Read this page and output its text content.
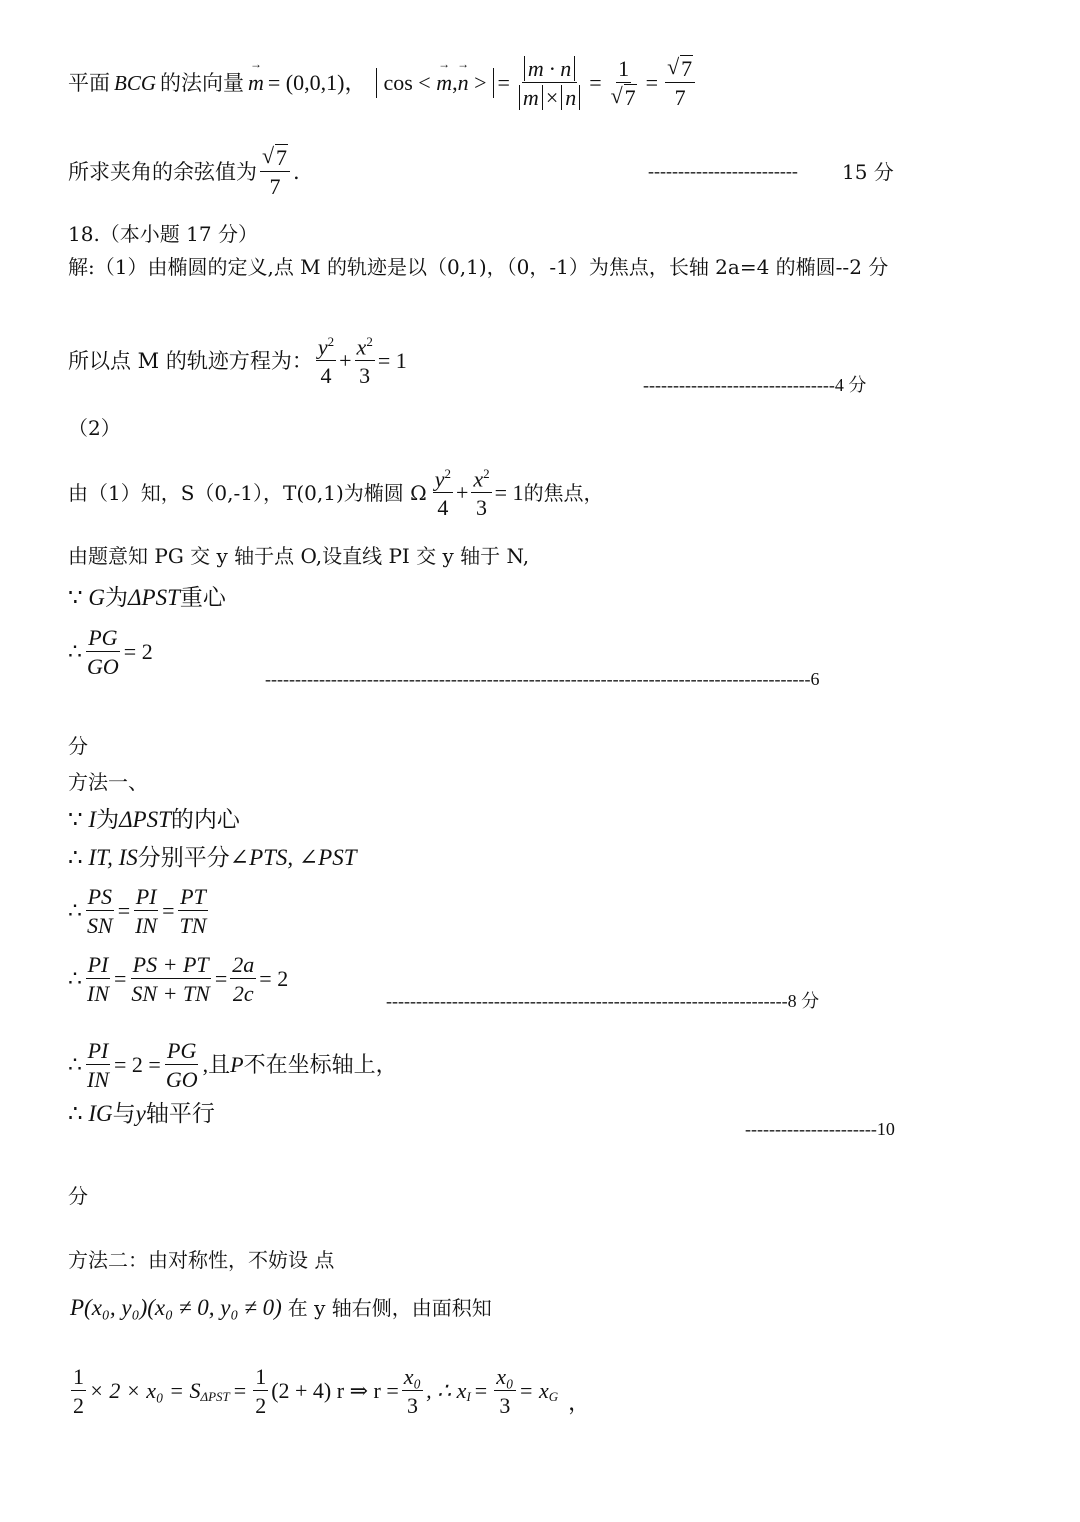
平面 BCG 的法向量 m → = (0,0,1)， cos < m →,n → > = $\frac{m \cdot n}{m \times n} = 1$
√ 7 = √ $\frac{7}{7}$
所求夹角的余弦值为 √ $\frac{7}{7}$ .	------------------------- 15 分
18.（本小题 17 分）
解:（1）由椭圆的定义,点 M 的轨迹是以（0,1)，（0，-1）为焦点，长轴 2a=4 的椭圆--2 分
所以点 M 的轨迹方程为： $\frac{y^2}{4} + \frac{x^2}{3} = 1$
--------------------------------4 分
（2）
由（1）知，S（0,-1），T(0,1)为椭圆 Ω $\frac{y^2}{4} + \frac{x^2}{3} = 1$ 的焦点，
由题意知 PG 交 y 轴于点 O,设直线 PI 交 y 轴于 N,
∵ G为ΔPST重心
∴ $\frac{PG}{GO} = 2$
-------------------------------------------------------------------------------------------6
分
方法一、
∵ I为ΔPST的内心
∴ IT, IS分别平分∠PTS, ∠PST
∴ $\frac{PS}{SN} = \frac{PI}{IN} = \frac{PT}{TN}$
∴ $\frac{PI}{IN} = \frac{PS + PT}{SN + TN} = \frac{2a}{2c} = 2$
-------------------------------------------------------------------8 分
∴ $\frac{PI}{IN} = 2 = \frac{PG}{GO}$ ,且 P 不在坐标轴上，
∴ IG与y轴平行
----------------------10
分
方法二：由对称性，不妨设 点
P(x₀, y₀)(x₀ ≠ 0, y₀ ≠ 0) 在 y 轴右侧，由面积知
$\frac{1}{2} \times 2 \times x_0 = S_{\Delta PST} = \frac{1}{2} (2 + 4)$ r ⇒ $r = \frac{\text{x₀}}{3}$ , ∴ $x_I = \frac{\text{x₀}}{3} = x_G$ ，
